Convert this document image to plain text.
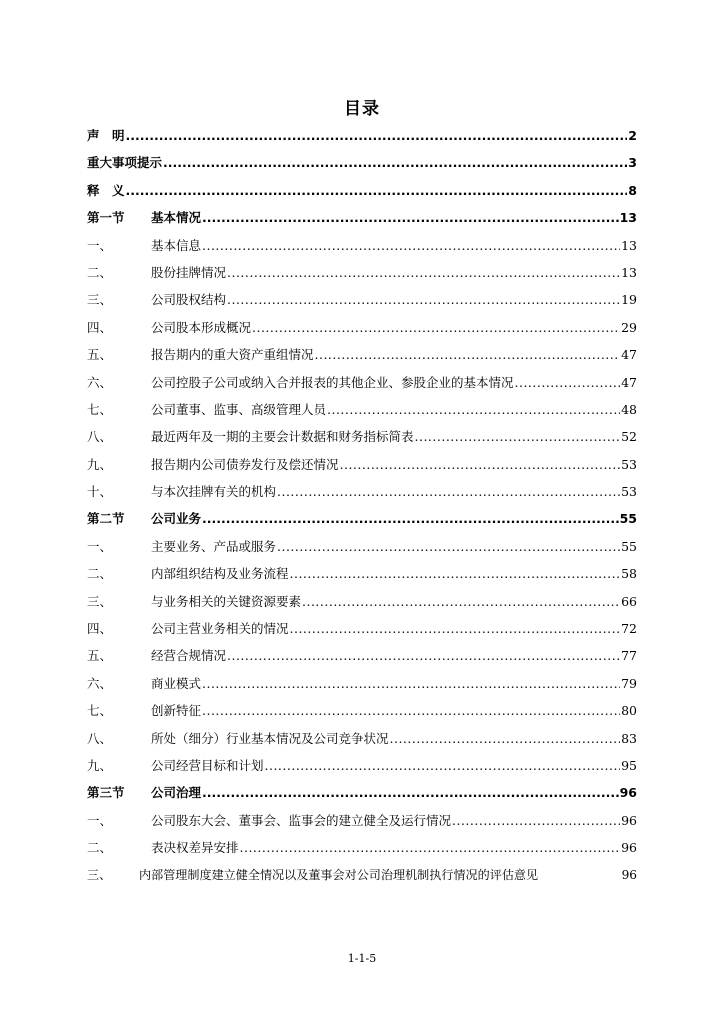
目录
声　明 .....	2
重大事项提示 .....	3
释　义 .....	8
第一节	基本情况 .....	13
一、	基本信息 .....	13
二、	股份挂牌情况 .....	13
三、	公司股权结构 .....	19
四、	公司股本形成概况 .....	29
五、	报告期内的重大资产重组情况 .....	47
六、	公司控股子公司或纳入合并报表的其他企业、参股企业的基本情况 .....	47
七、	公司董事、监事、高级管理人员 .....	48
八、	最近两年及一期的主要会计数据和财务指标简表 .....	52
九、	报告期内公司债券发行及偿还情况 .....	53
十、	与本次挂牌有关的机构 .....	53
第二节	公司业务 .....	55
一、	主要业务、产品或服务 .....	55
二、	内部组织结构及业务流程 .....	58
三、	与业务相关的关键资源要素 .....	66
四、	公司主营业务相关的情况 .....	72
五、	经营合规情况 .....	77
六、	商业模式 .....	79
七、	创新特征 .....	80
八、	所处（细分）行业基本情况及公司竞争状况 .....	83
九、	公司经营目标和计划 .....	95
第三节	公司治理 .....	96
一、	公司股东大会、董事会、监事会的建立健全及运行情况 .....	96
二、	表决权差异安排 .....	96
三、	内部管理制度建立健全情况以及董事会对公司治理机制执行情况的评估意见	96
1-1-5
